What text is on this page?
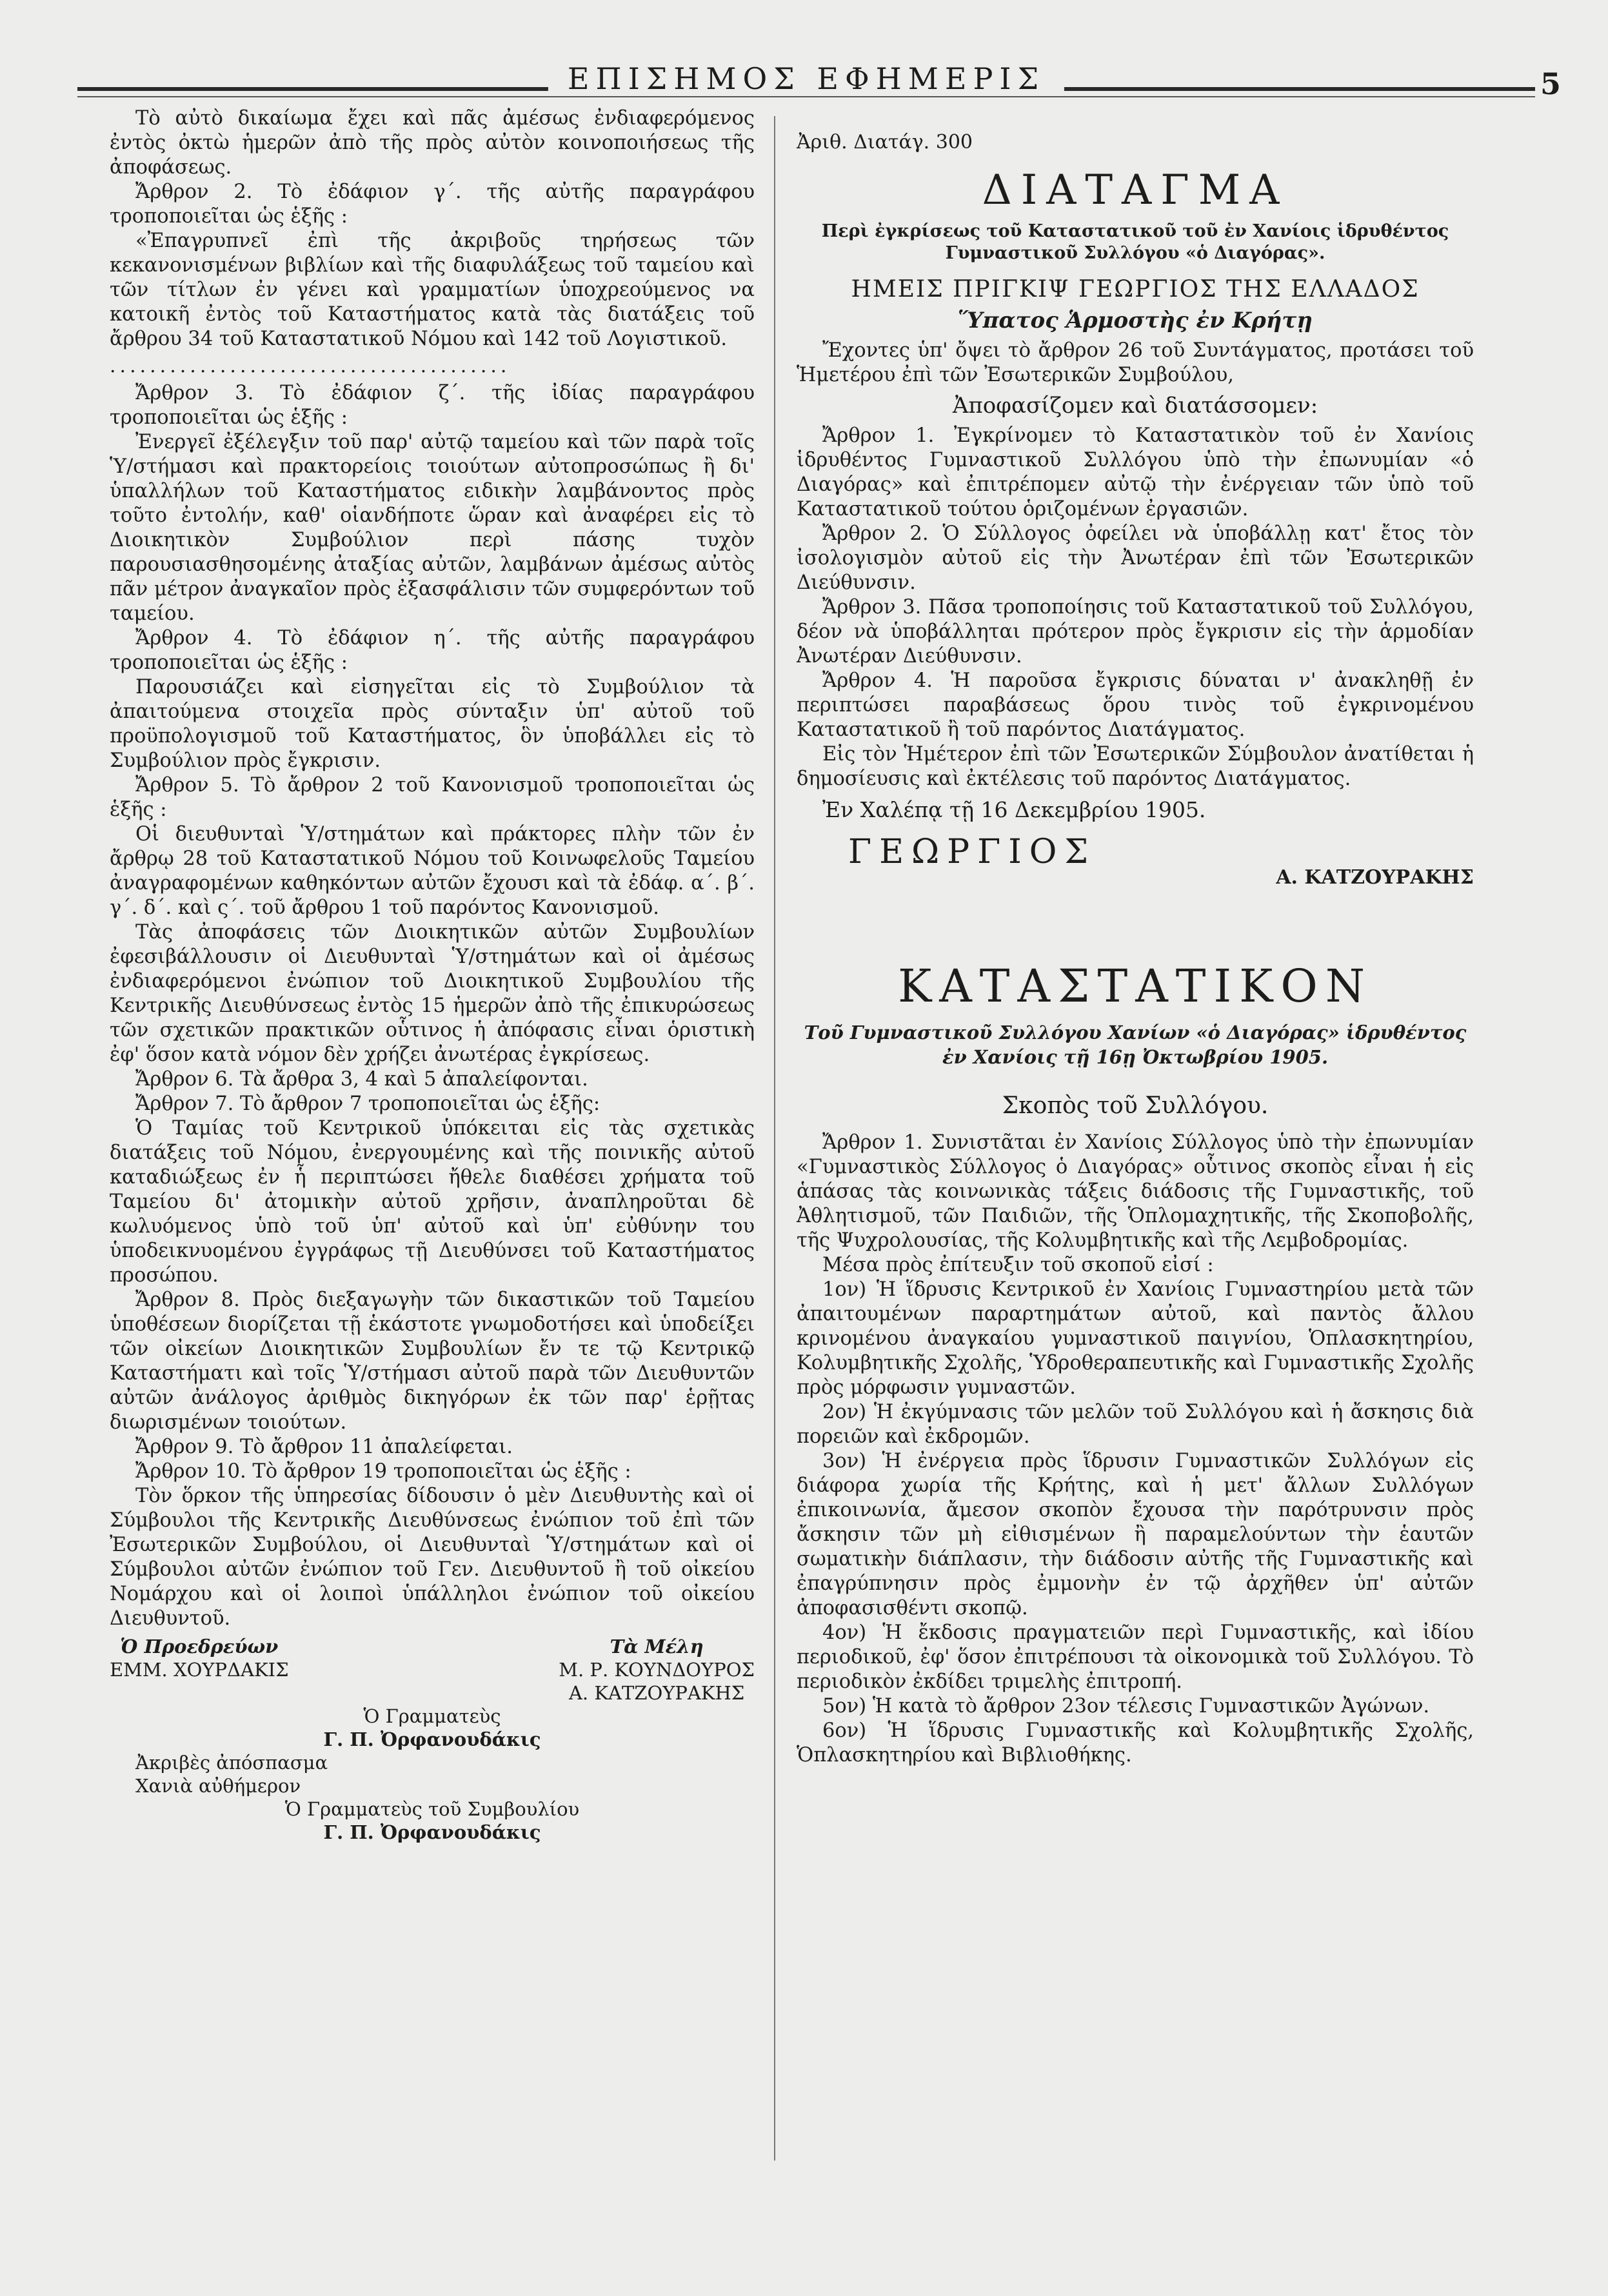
ΕΠΙΣΗΜΟΣ ΕΦΗΜΕΡΙΣ	5

Τὸ αὐτὸ δικαίωμα ἔχει καὶ πᾶς ἀμέσως ἐνδιαφερόμενος ἐντὸς ὀκτὼ ἡμερῶν ἀπὸ τῆς πρὸς αὐτὸν κοινοποιήσεως τῆς ἀποφάσεως.

Ἄρθρον 2. Τὸ ἐδάφιον γ΄. τῆς αὐτῆς παραγράφου τροποποιεῖται ὡς ἑξῆς :

«Ἐπαγρυπνεῖ ἐπὶ τῆς ἀκριβοῦς τηρήσεως τῶν κεκανονισμένων βιβλίων καὶ τῆς διαφυλάξεως τοῦ ταμείου καὶ τῶν τίτλων ἐν γένει καὶ γραμματίων ὑποχρεούμενος να κατοικῆ ἐντὸς τοῦ Καταστήματος κατὰ τὰς διατάξεις τοῦ ἄρθρου 34 τοῦ Καταστατικοῦ Νόμου καὶ 142 τοῦ Λογιστικοῦ.

........................................

Ἄρθρον 3. Τὸ ἐδάφιον ζ΄. τῆς ἰδίας παραγράφου τροποποιεῖται ὡς ἑξῆς :

Ἐνεργεῖ ἐξέλεγξιν τοῦ παρ' αὐτῷ ταμείου καὶ τῶν παρὰ τοῖς Ὑ/στήμασι καὶ πρακτορείοις τοιούτων αὐτοπροσώπως ἢ δι' ὑπαλλήλων τοῦ Καταστήματος ειδικὴν λαμβάνοντος πρὸς τοῦτο ἐντολήν, καθ' οἱανδήποτε ὥραν καὶ ἀναφέρει εἰς τὸ Διοικητικὸν Συμβούλιον περὶ πάσης τυχὸν παρουσιασθησομένης ἀταξίας αὐτῶν, λαμβάνων ἀμέσως αὐτὸς πᾶν μέτρον ἀναγκαῖον πρὸς ἐξασφάλισιν τῶν συμφερόντων τοῦ ταμείου.

Ἄρθρον 4. Τὸ ἐδάφιον η΄. τῆς αὐτῆς παραγράφου τροποποιεῖται ὡς ἑξῆς :

Παρουσιάζει καὶ εἰσηγεῖται εἰς τὸ Συμβούλιον τὰ ἀπαιτούμενα στοιχεῖα πρὸς σύνταξιν ὑπ' αὐτοῦ τοῦ προϋπολογισμοῦ τοῦ Καταστήματος, ὃν ὑποβάλλει εἰς τὸ Συμβούλιον πρὸς ἔγκρισιν.

Ἄρθρον 5. Τὸ ἄρθρον 2 τοῦ Κανονισμοῦ τροποποιεῖται ὡς ἑξῆς :

Οἱ διευθυνταὶ Ὑ/στημάτων καὶ πράκτορες πλὴν τῶν ἐν ἄρθρῳ 28 τοῦ Καταστατικοῦ Νόμου τοῦ Κοινωφελοῦς Ταμείου ἀναγραφομένων καθηκόντων αὐτῶν ἔχουσι καὶ τὰ ἐδάφ. α΄. β΄. γ΄. δ΄. καὶ ς΄. τοῦ ἄρθρου 1 τοῦ παρόντος Κανονισμοῦ.

Τὰς ἀποφάσεις τῶν Διοικητικῶν αὐτῶν Συμβουλίων ἐφεσιβάλλουσιν οἱ Διευθυνταὶ Ὑ/στημάτων καὶ οἱ ἀμέσως ἐνδιαφερόμενοι ἐνώπιον τοῦ Διοικητικοῦ Συμβουλίου τῆς Κεντρικῆς Διευθύνσεως ἐντὸς 15 ἡμερῶν ἀπὸ τῆς ἐπικυρώσεως τῶν σχετικῶν πρακτικῶν οὗτινος ἡ ἀπόφασις εἶναι ὁριστικὴ ἐφ' ὅσον κατὰ νόμον δὲν χρήζει ἀνωτέρας ἐγκρίσεως.

Ἄρθρον 6. Τὰ ἄρθρα 3, 4 καὶ 5 ἀπαλείφονται.

Ἄρθρον 7. Τὸ ἄρθρον 7 τροποποιεῖται ὡς ἑξῆς:

Ὁ Ταμίας τοῦ Κεντρικοῦ ὑπόκειται εἰς τὰς σχετικὰς διατάξεις τοῦ Νόμου, ἐνεργουμένης καὶ τῆς ποινικῆς αὐτοῦ καταδιώξεως ἐν ἧ περιπτώσει ἤθελε διαθέσει χρήματα τοῦ Ταμείου δι' ἀτομικὴν αὐτοῦ χρῆσιν, ἀναπληροῦται δὲ κωλυόμενος ὑπὸ τοῦ ὑπ' αὐτοῦ καὶ ὑπ' εὐθύνην του ὑποδεικνυομένου ἐγγράφως τῇ Διευθύνσει τοῦ Καταστήματος προσώπου.

Ἄρθρον 8. Πρὸς διεξαγωγὴν τῶν δικαστικῶν τοῦ Ταμείου ὑποθέσεων διορίζεται τῇ ἑκάστοτε γνωμοδοτήσει καὶ ὑποδείξει τῶν οἰκείων Διοικητικῶν Συμβουλίων ἔν τε τῷ Κεντρικῷ Καταστήματι καὶ τοῖς Ὑ/στήμασι αὐτοῦ παρὰ τῶν Διευθυντῶν αὐτῶν ἀνάλογος ἀριθμὸς δικηγόρων ἐκ τῶν παρ' ἑρῇτας διωρισμένων τοιούτων.

Ἄρθρον 9. Τὸ ἄρθρον 11 ἀπαλείφεται.

Ἄρθρον 10. Τὸ ἄρθρον 19 τροποποιεῖται ὡς ἑξῆς :

Τὸν ὅρκον τῆς ὑπηρεσίας δίδουσιν ὁ μὲν Διευθυντὴς καὶ οἱ Σύμβουλοι τῆς Κεντρικῆς Διευθύνσεως ἐνώπιον τοῦ ἐπὶ τῶν Ἐσωτερικῶν Συμβούλου, οἱ Διευθυνταὶ Ὑ/στημάτων καὶ οἱ Σύμβουλοι αὐτῶν ἐνώπιον τοῦ Γεν. Διευθυντοῦ ἢ τοῦ οἰκείου Νομάρχου καὶ οἱ λοιποὶ ὑπάλληλοι ἐνώπιον τοῦ οἰκείου Διευθυντοῦ.

Ὁ Προεδρεύων
ΕΜΜ. ΧΟΥΡΔΑΚΙΣ
Τὰ Μέλη
Μ. Ρ. ΚΟΥΝΔΟΥΡΟΣ
Α. ΚΑΤΖΟΥΡΑΚΗΣ
Ὁ Γραμματεὺς
Γ. Π. Ὀρφανουδάκις
Ἀκριβὲς ἀπόσπασμα
Χανιὰ αὐθήμερον
Ὁ Γραμματεὺς τοῦ Συμβουλίου
Γ. Π. Ὀρφανουδάκις
Ἀριθ. Διατάγ. 300
ΔΙΑΤΑΓΜΑ
Περὶ ἐγκρίσεως τοῦ Καταστατικοῦ τοῦ ἐν Χανίοις ἱδρυθέντος Γυμναστικοῦ Συλλόγου «ὁ Διαγόρας».
ΗΜΕΙΣ ΠΡΙΓΚΙΨ ΓΕΩΡΓΙΟΣ ΤΗΣ ΕΛΛΑΔΟΣ
Ὕπατος Ἁρμοστὴς ἐν Κρήτῃ

Ἔχοντες ὑπ' ὄψει τὸ ἄρθρον 26 τοῦ Συντάγματος, προτάσει τοῦ Ἡμετέρου ἐπὶ τῶν Ἐσωτερικῶν Συμβούλου,

Ἀποφασίζομεν καὶ διατάσσομεν:

Ἄρθρον 1. Ἐγκρίνομεν τὸ Καταστατικὸν τοῦ ἐν Χανίοις ἱδρυθέντος Γυμναστικοῦ Συλλόγου ὑπὸ τὴν ἐπωνυμίαν «ὁ Διαγόρας» καὶ ἐπιτρέπομεν αὐτῷ τὴν ἐνέργειαν τῶν ὑπὸ τοῦ Καταστατικοῦ τούτου ὁριζομένων ἐργασιῶν.

Ἄρθρον 2. Ὁ Σύλλογος ὀφείλει νὰ ὑποβάλλῃ κατ' ἔτος τὸν ἰσολογισμὸν αὐτοῦ εἰς τὴν Ἀνωτέραν ἐπὶ τῶν Ἐσωτερικῶν Διεύθυνσιν.

Ἄρθρον 3. Πᾶσα τροποποίησις τοῦ Καταστατικοῦ τοῦ Συλλόγου, δέον νὰ ὑποβάλληται πρότερον πρὸς ἔγκρισιν εἰς τὴν ἁρμοδίαν Ἀνωτέραν Διεύθυνσιν.

Ἄρθρον 4. Ἡ παροῦσα ἔγκρισις δύναται ν' ἀνακληθῇ ἐν περιπτώσει παραβάσεως ὅρου τινὸς τοῦ ἐγκρινομένου Καταστατικοῦ ἢ τοῦ παρόντος Διατάγματος.

Εἰς τὸν Ἡμέτερον ἐπὶ τῶν Ἐσωτερικῶν Σύμβουλον ἀνατίθεται ἡ δημοσίευσις καὶ ἐκτέλεσις τοῦ παρόντος Διατάγματος.

Ἐν Χαλέπᾳ τῇ 16 Δεκεμβρίου 1905.

ΓΕΩΡΓΙΟΣ
Α. ΚΑΤΖΟΥΡΑΚΗΣ
ΚΑΤΑΣΤΑΤΙΚΟΝ
Τοῦ Γυμναστικοῦ Συλλόγου Χανίων «ὁ Διαγόρας» ἱδρυθέντος ἐν Χανίοις τῇ 16ῃ Ὀκτωβρίου 1905.
Σκοπὸς τοῦ Συλλόγου.

Ἄρθρον 1. Συνιστᾶται ἐν Χανίοις Σύλλογος ὑπὸ τὴν ἐπωνυμίαν «Γυμναστικὸς Σύλλογος ὁ Διαγόρας» οὗτινος σκοπὸς εἶναι ἡ εἰς ἁπάσας τὰς κοινωνικὰς τάξεις διάδοσις τῆς Γυμναστικῆς, τοῦ Ἀθλητισμοῦ, τῶν Παιδιῶν, τῆς Ὁπλομαχητικῆς, τῆς Σκοποβολῆς, τῆς Ψυχρολουσίας, τῆς Κολυμβητικῆς καὶ τῆς Λεμβοδρομίας.

Μέσα πρὸς ἐπίτευξιν τοῦ σκοποῦ εἰσί :

1ον) Ἡ ἵδρυσις Κεντρικοῦ ἐν Χανίοις Γυμναστηρίου μετὰ τῶν ἀπαιτουμένων παραρτημάτων αὐτοῦ, καὶ παντὸς ἄλλου κρινομένου ἀναγκαίου γυμναστικοῦ παιγνίου, Ὁπλασκητηρίου, Κολυμβητικῆς Σχολῆς, Ὑδροθεραπευτικῆς καὶ Γυμναστικῆς Σχολῆς πρὸς μόρφωσιν γυμναστῶν.

2ον) Ἡ ἐκγύμνασις τῶν μελῶν τοῦ Συλλόγου καὶ ἡ ἄσκησις διὰ πορειῶν καὶ ἐκδρομῶν.

3ον) Ἡ ἐνέργεια πρὸς ἵδρυσιν Γυμναστικῶν Συλλόγων εἰς διάφορα χωρία τῆς Κρήτης, καὶ ἡ μετ' ἄλλων Συλλόγων ἐπικοινωνία, ἄμεσον σκοπὸν ἔχουσα τὴν παρότρυνσιν πρὸς ἄσκησιν τῶν μὴ εἰθισμένων ἢ παραμελούντων τὴν ἑαυτῶν σωματικὴν διάπλασιν, τὴν διάδοσιν αὐτῆς τῆς Γυμναστικῆς καὶ ἐπαγρύπνησιν πρὸς ἐμμονὴν ἐν τῷ ἀρχῆθεν ὑπ' αὐτῶν ἀποφασισθέντι σκοπῷ.

4ον) Ἡ ἔκδοσις πραγματειῶν περὶ Γυμναστικῆς, καὶ ἰδίου περιοδικοῦ, ἐφ' ὅσον ἐπιτρέπουσι τὰ οἰκονομικὰ τοῦ Συλλόγου. Τὸ περιοδικὸν ἐκδίδει τριμελὴς ἐπιτροπή.

5ον) Ἡ κατὰ τὸ ἄρθρον 23ον τέλεσις Γυμναστικῶν Ἀγώνων.

6ον) Ἡ ἵδρυσις Γυμναστικῆς καὶ Κολυμβητικῆς Σχολῆς, Ὁπλασκητηρίου καὶ Βιβλιοθήκης.
